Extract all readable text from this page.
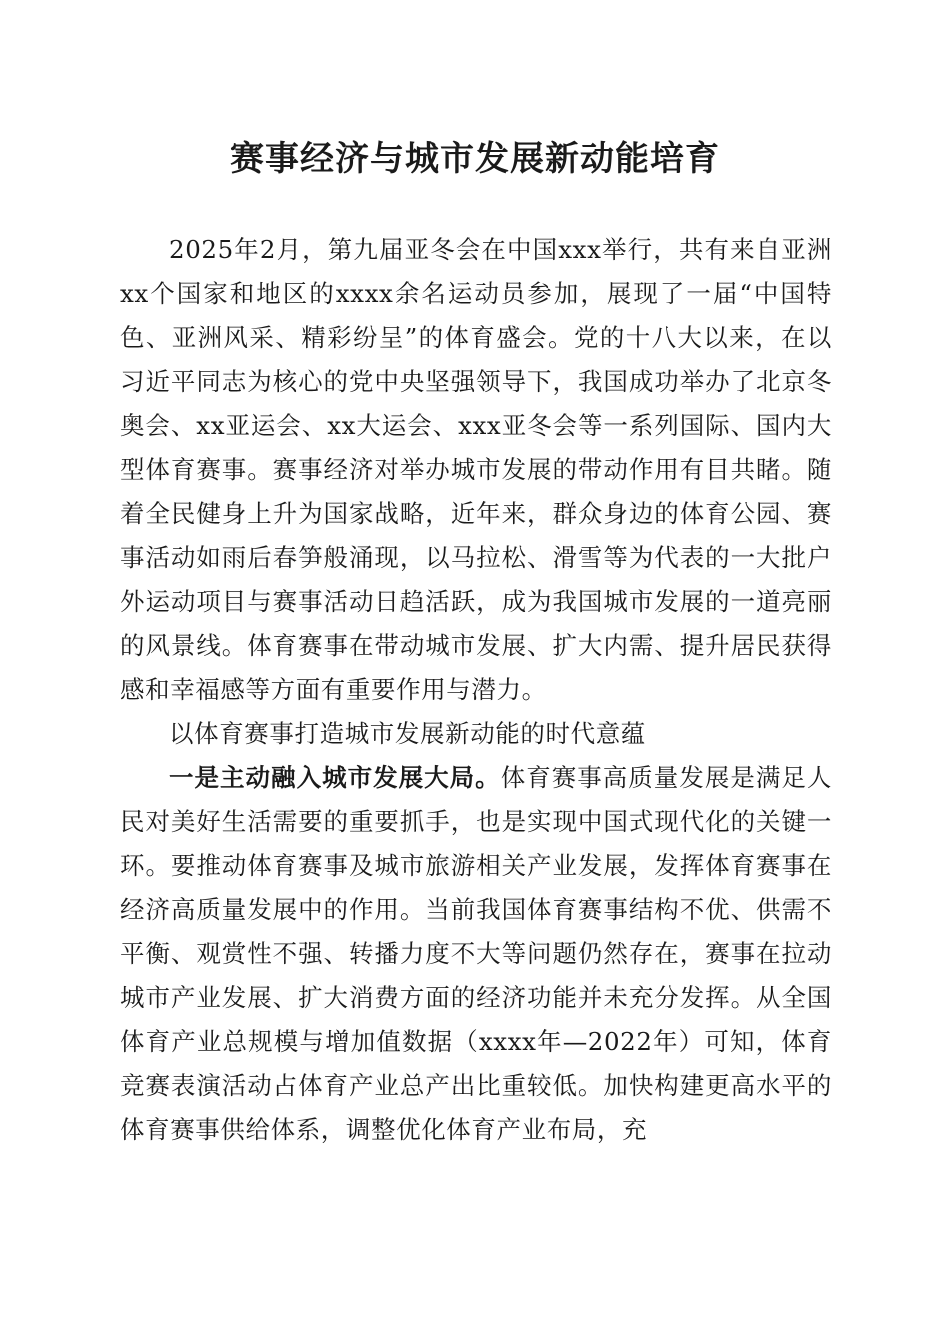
赛事经济与城市发展新动能培育

2025年2月，第九届亚冬会在中国xxx举行，共有来自亚洲xx个国家和地区的xxxx余名运动员参加，展现了一届“中国特色、亚洲风采、精彩纷呈”的体育盛会。党的十八大以来，在以习近平同志为核心的党中央坚强领导下，我国成功举办了北京冬奥会、xx亚运会、xx大运会、xxx亚冬会等一系列国际、国内大型体育赛事。赛事经济对举办城市发展的带动作用有目共睹。随着全民健身上升为国家战略，近年来，群众身边的体育公园、赛事活动如雨后春笋般涌现，以马拉松、滑雪等为代表的一大批户外运动项目与赛事活动日趋活跃，成为我国城市发展的一道亮丽的风景线。体育赛事在带动城市发展、扩大内需、提升居民获得感和幸福感等方面有重要作用与潜力。

以体育赛事打造城市发展新动能的时代意蕴

一是主动融入城市发展大局。体育赛事高质量发展是满足人民对美好生活需要的重要抓手，也是实现中国式现代化的关键一环。要推动体育赛事及城市旅游相关产业发展，发挥体育赛事在经济高质量发展中的作用。当前我国体育赛事结构不优、供需不平衡、观赏性不强、转播力度不大等问题仍然存在，赛事在拉动城市产业发展、扩大消费方面的经济功能并未充分发挥。从全国体育产业总规模与增加值数据（xxxx年—2022年）可知，体育竞赛表演活动占体育产业总产出比重较低。加快构建更高水平的体育赛事供给体系，调整优化体育产业布局，充
